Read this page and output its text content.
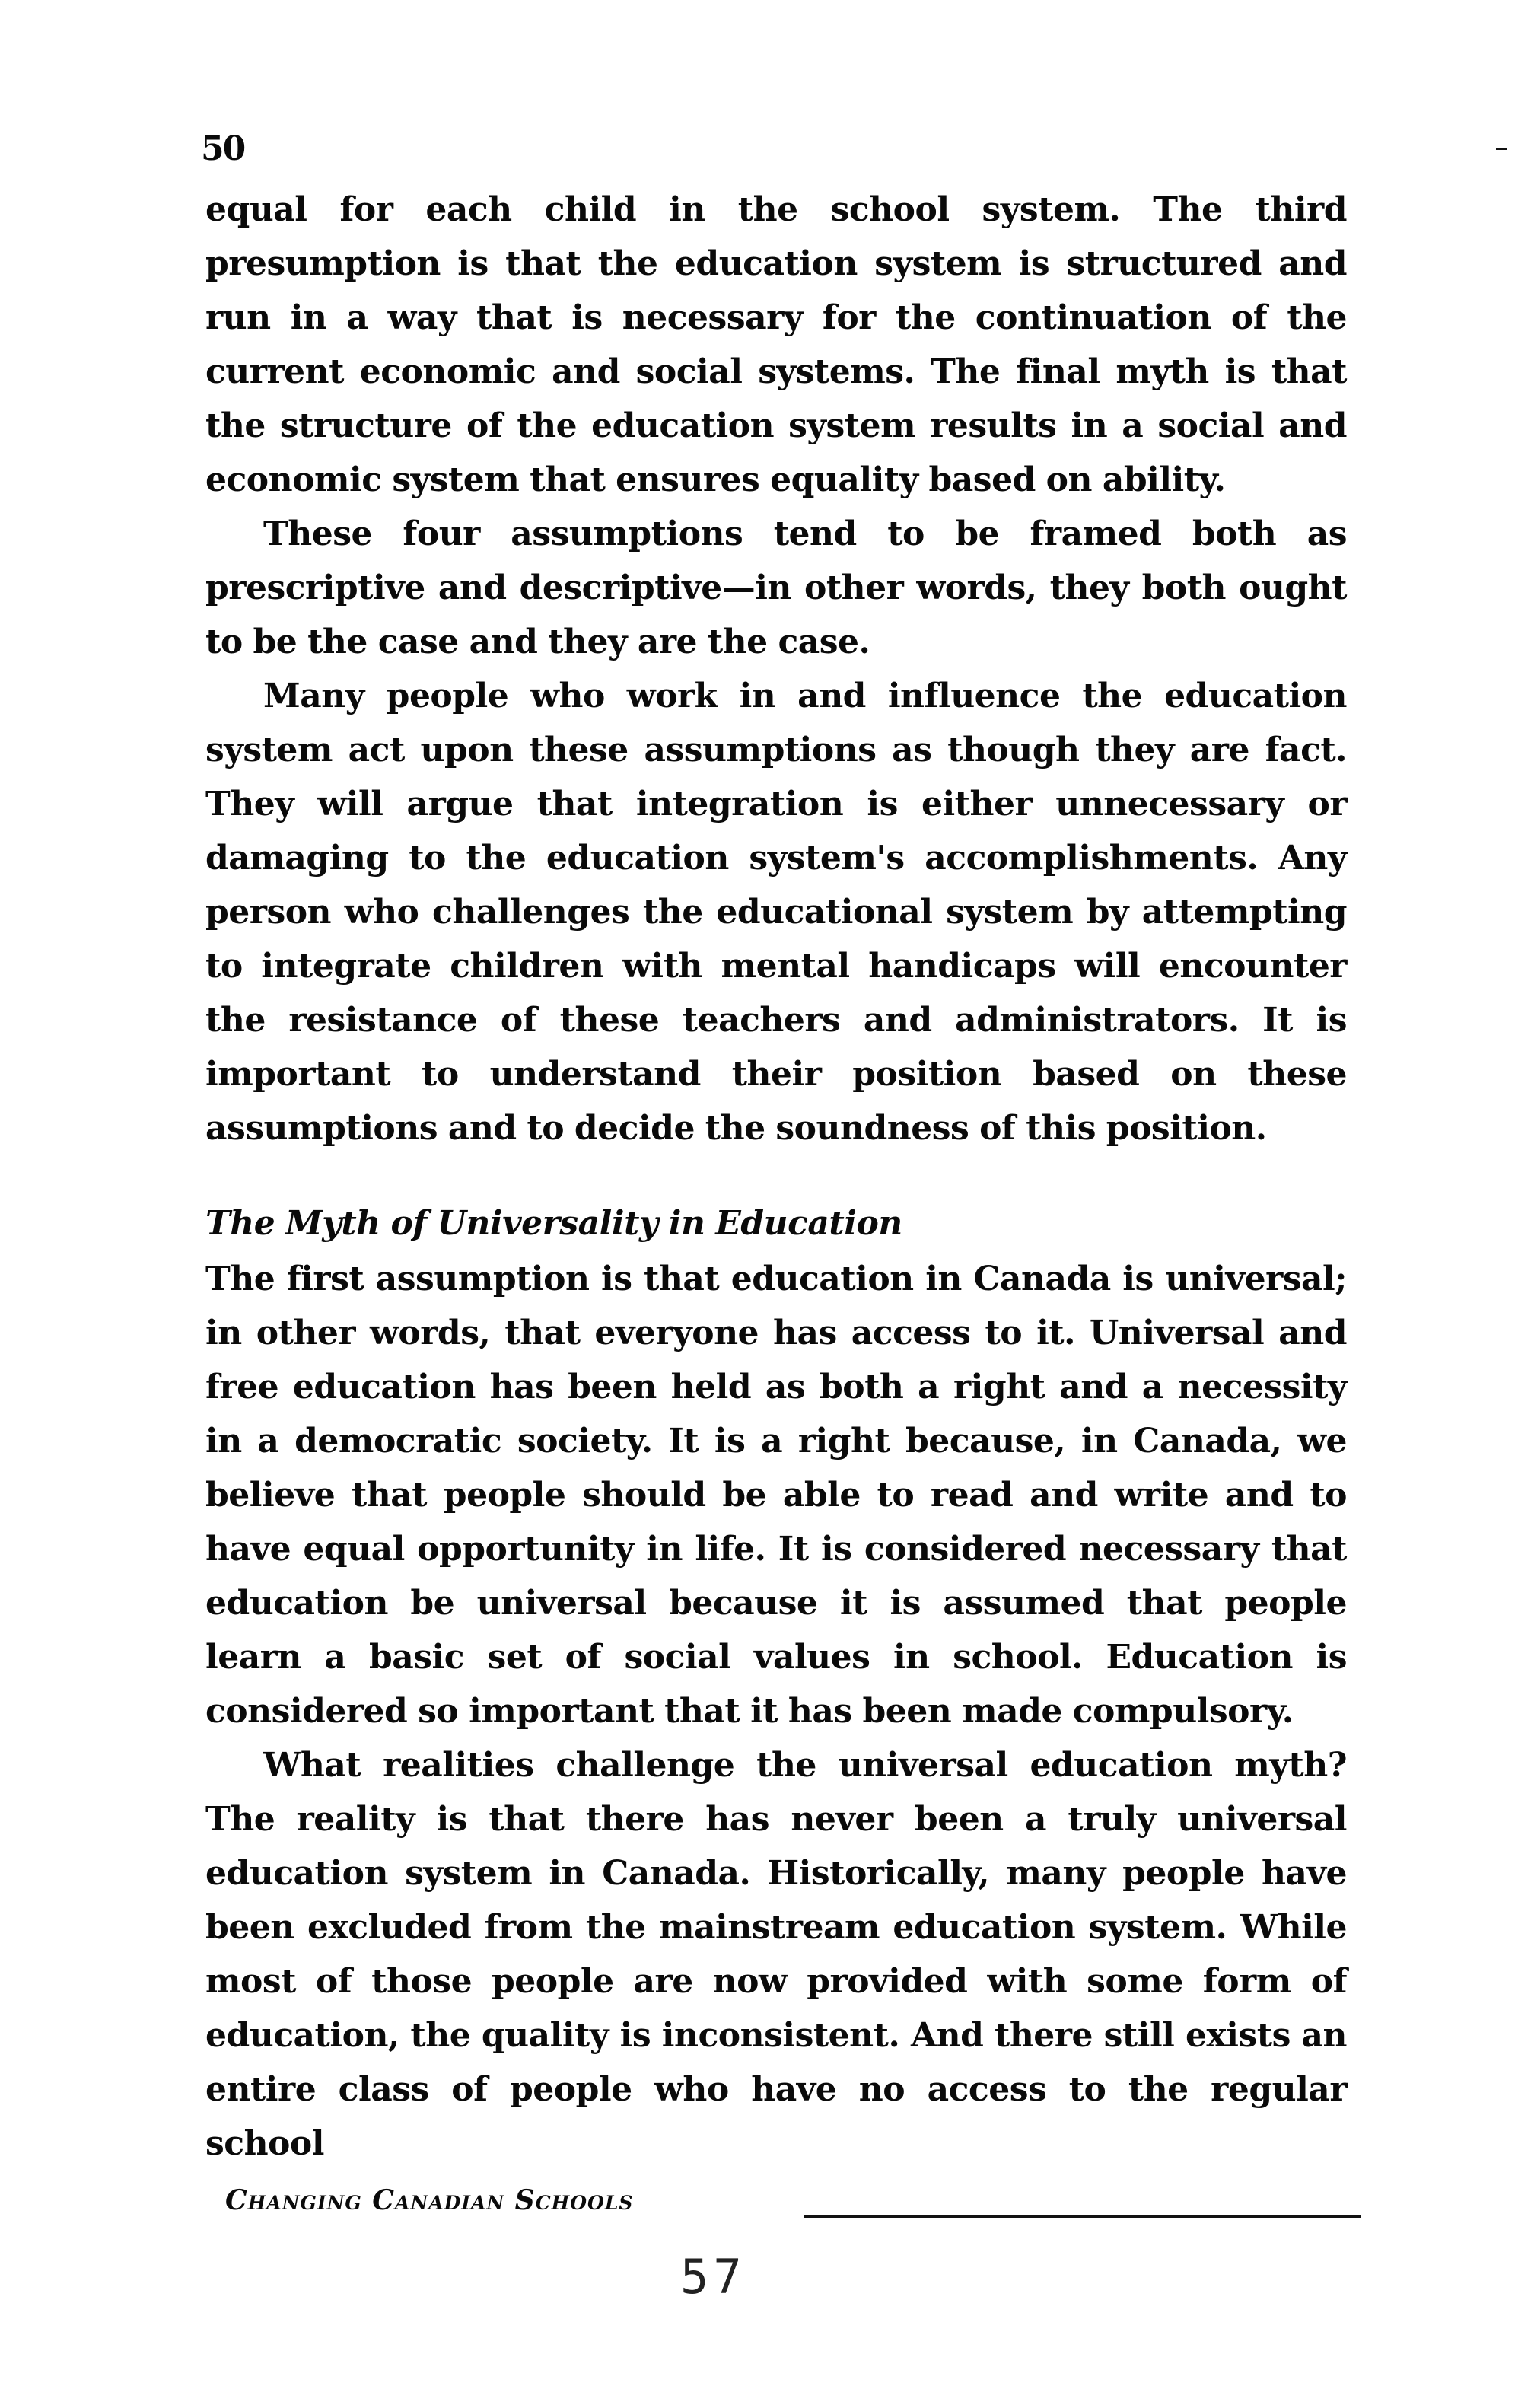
50

equal for each child in the school system. The third presumption is that the education system is structured and run in a way that is necessary for the continuation of the current economic and social systems. The final myth is that the structure of the education system results in a social and economic system that ensures equality based on ability.

These four assumptions tend to be framed both as prescriptive and descriptive—in other words, they both ought to be the case and they are the case.

Many people who work in and influence the education system act upon these assumptions as though they are fact. They will argue that integration is either unnecessary or damaging to the education system's accomplishments. Any person who challenges the educational system by attempting to integrate children with mental handicaps will encounter the resistance of these teachers and administrators. It is important to understand their position based on these assumptions and to decide the soundness of this position.

The Myth of Universality in Education

The first assumption is that education in Canada is universal; in other words, that everyone has access to it. Universal and free education has been held as both a right and a necessity in a democratic society. It is a right because, in Canada, we believe that people should be able to read and write and to have equal opportunity in life. It is considered necessary that education be universal because it is assumed that people learn a basic set of social values in school. Education is considered so important that it has been made compulsory.

What realities challenge the universal education myth? The reality is that there has never been a truly universal education system in Canada. Historically, many people have been excluded from the mainstream education system. While most of those people are now provided with some form of education, the quality is inconsistent. And there still exists an entire class of people who have no access to the regular school

Changing Canadian Schools
57
